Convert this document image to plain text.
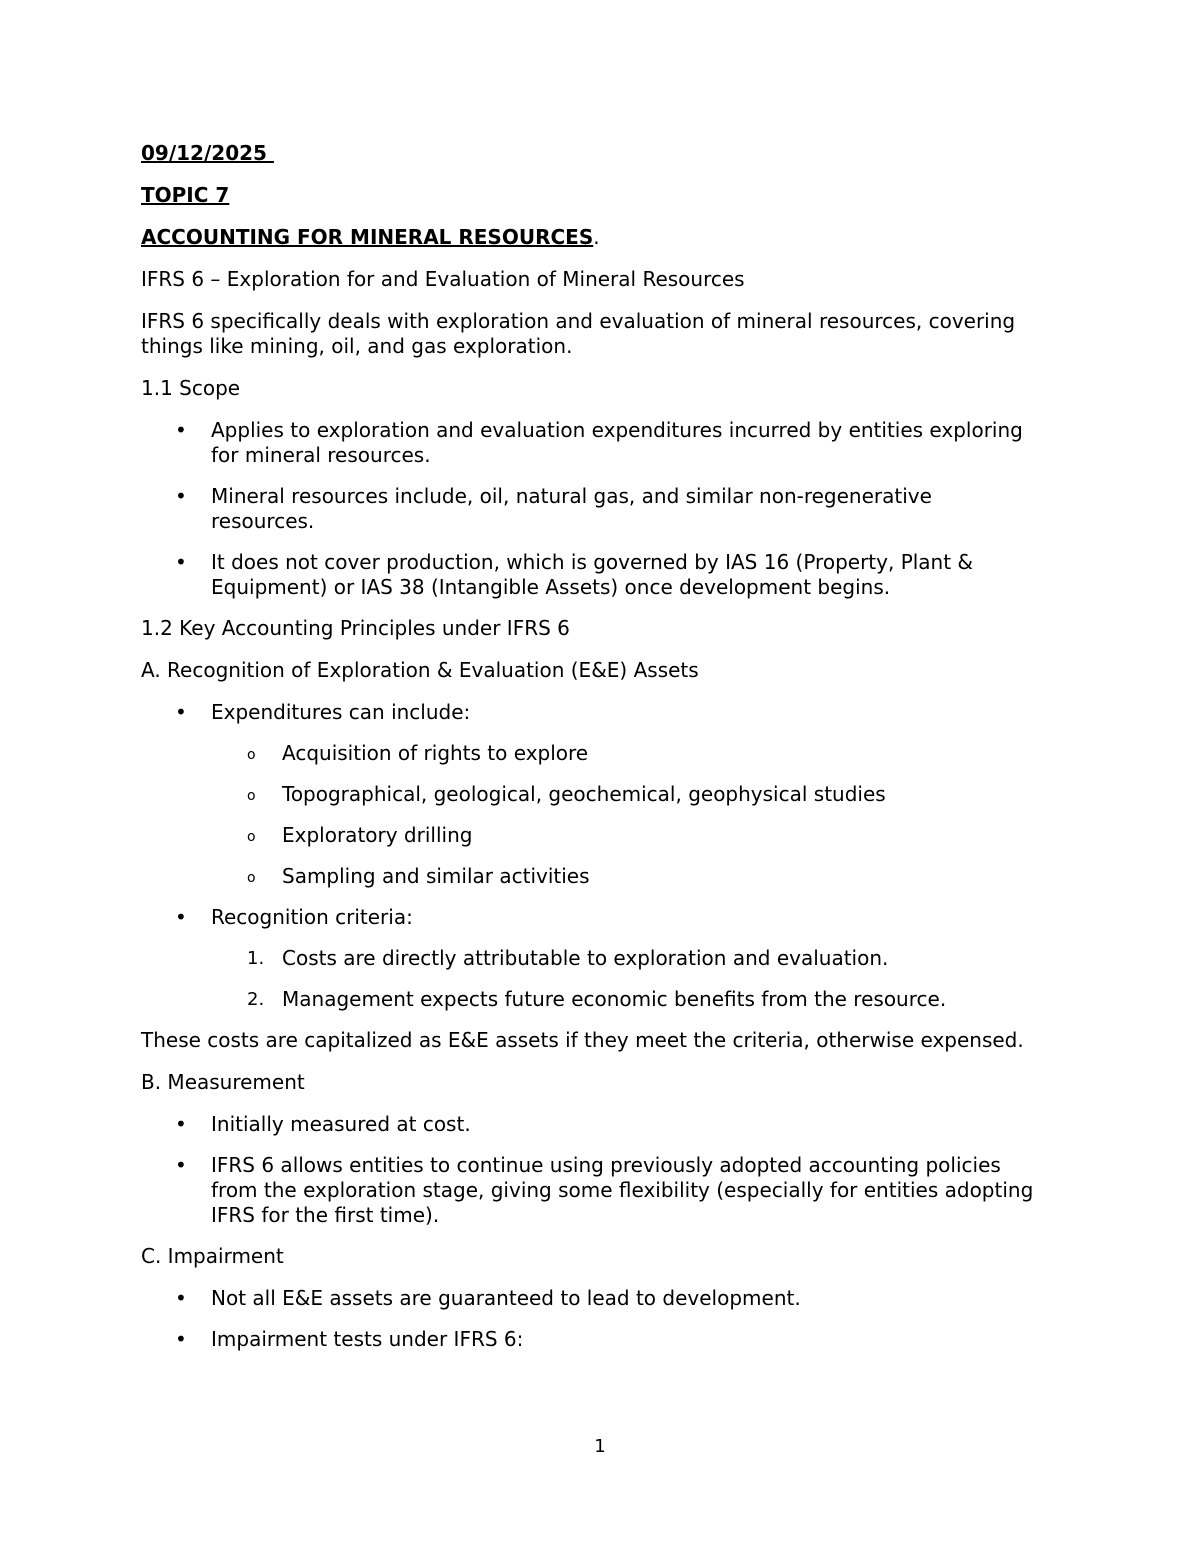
09/12/2025

TOPIC 7

ACCOUNTING FOR MINERAL RESOURCES.

IFRS 6 – Exploration for and Evaluation of Mineral Resources

IFRS 6 specifically deals with exploration and evaluation of mineral resources, covering things like mining, oil, and gas exploration.

1.1 Scope

• Applies to exploration and evaluation expenditures incurred by entities exploring for mineral resources.
• Mineral resources include, oil, natural gas, and similar non-regenerative resources.
• It does not cover production, which is governed by IAS 16 (Property, Plant & Equipment) or IAS 38 (Intangible Assets) once development begins.

1.2 Key Accounting Principles under IFRS 6

A. Recognition of Exploration & Evaluation (E&E) Assets

• Expenditures can include:
o Acquisition of rights to explore
o Topographical, geological, geochemical, geophysical studies
o Exploratory drilling
o Sampling and similar activities
• Recognition criteria:
1. Costs are directly attributable to exploration and evaluation.
2. Management expects future economic benefits from the resource.

These costs are capitalized as E&E assets if they meet the criteria, otherwise expensed.

B. Measurement

• Initially measured at cost.
• IFRS 6 allows entities to continue using previously adopted accounting policies from the exploration stage, giving some flexibility (especially for entities adopting IFRS for the first time).

C. Impairment

• Not all E&E assets are guaranteed to lead to development.
• Impairment tests under IFRS 6:
1
